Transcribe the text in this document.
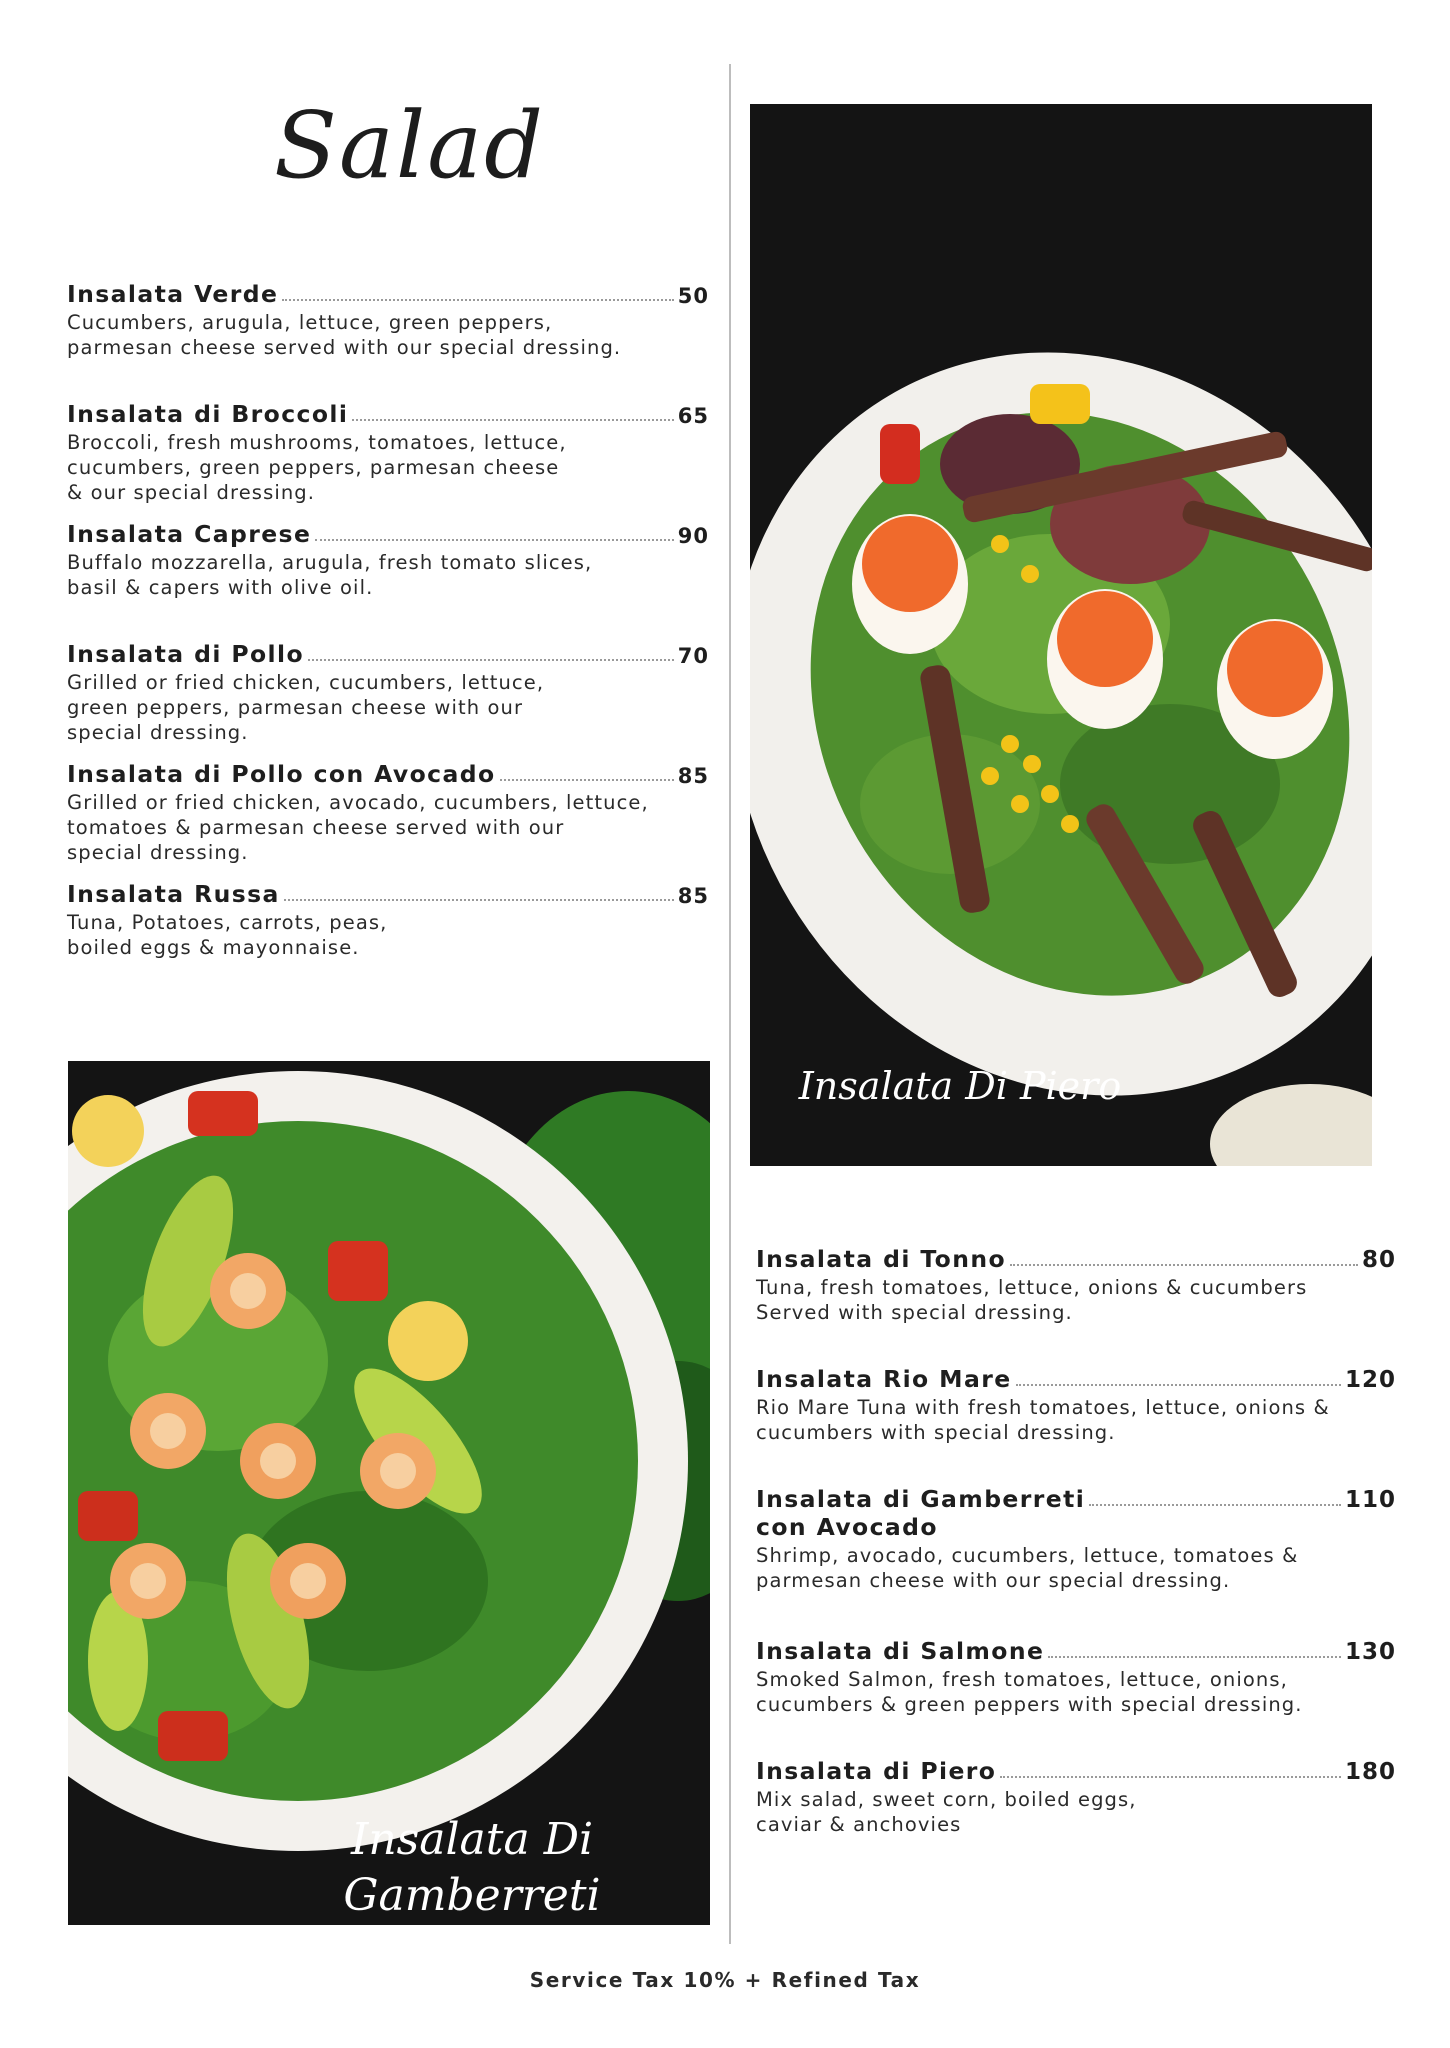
Salad
Insalata Verde	50
Cucumbers, arugula, lettuce, green peppers,
parmesan cheese served with our special dressing.
Insalata di Broccoli	65
Broccoli, fresh mushrooms, tomatoes, lettuce,
cucumbers, green peppers, parmesan cheese
& our special dressing.
Insalata Caprese	90
Buffalo mozzarella, arugula, fresh tomato slices,
basil & capers with olive oil.
Insalata di Pollo	70
Grilled or fried chicken, cucumbers, lettuce,
green peppers, parmesan cheese with our
special dressing.
Insalata di Pollo con Avocado	85
Grilled or fried chicken, avocado, cucumbers, lettuce,
tomatoes & parmesan cheese served with our
special dressing.
Insalata Russa	85
Tuna, Potatoes, carrots, peas,
boiled eggs & mayonnaise.
Insalata di Tonno	80
Tuna, fresh tomatoes, lettuce, onions & cucumbers
Served with special dressing.
Insalata Rio Mare	120
Rio Mare Tuna with fresh tomatoes, lettuce, onions &
cucumbers with special dressing.
Insalata di Gamberreti	110
con Avocado
Shrimp, avocado, cucumbers, lettuce, tomatoes &
parmesan cheese with our special dressing.
Insalata di Salmone	130
Smoked Salmon, fresh tomatoes, lettuce, onions,
cucumbers & green peppers with special dressing.
Insalata di Piero	180
Mix salad, sweet corn, boiled eggs,
caviar & anchovies
Insalata Di Piero
Insalata Di Gamberreti
Con Avocado
Service Tax 10% + Refined Tax
